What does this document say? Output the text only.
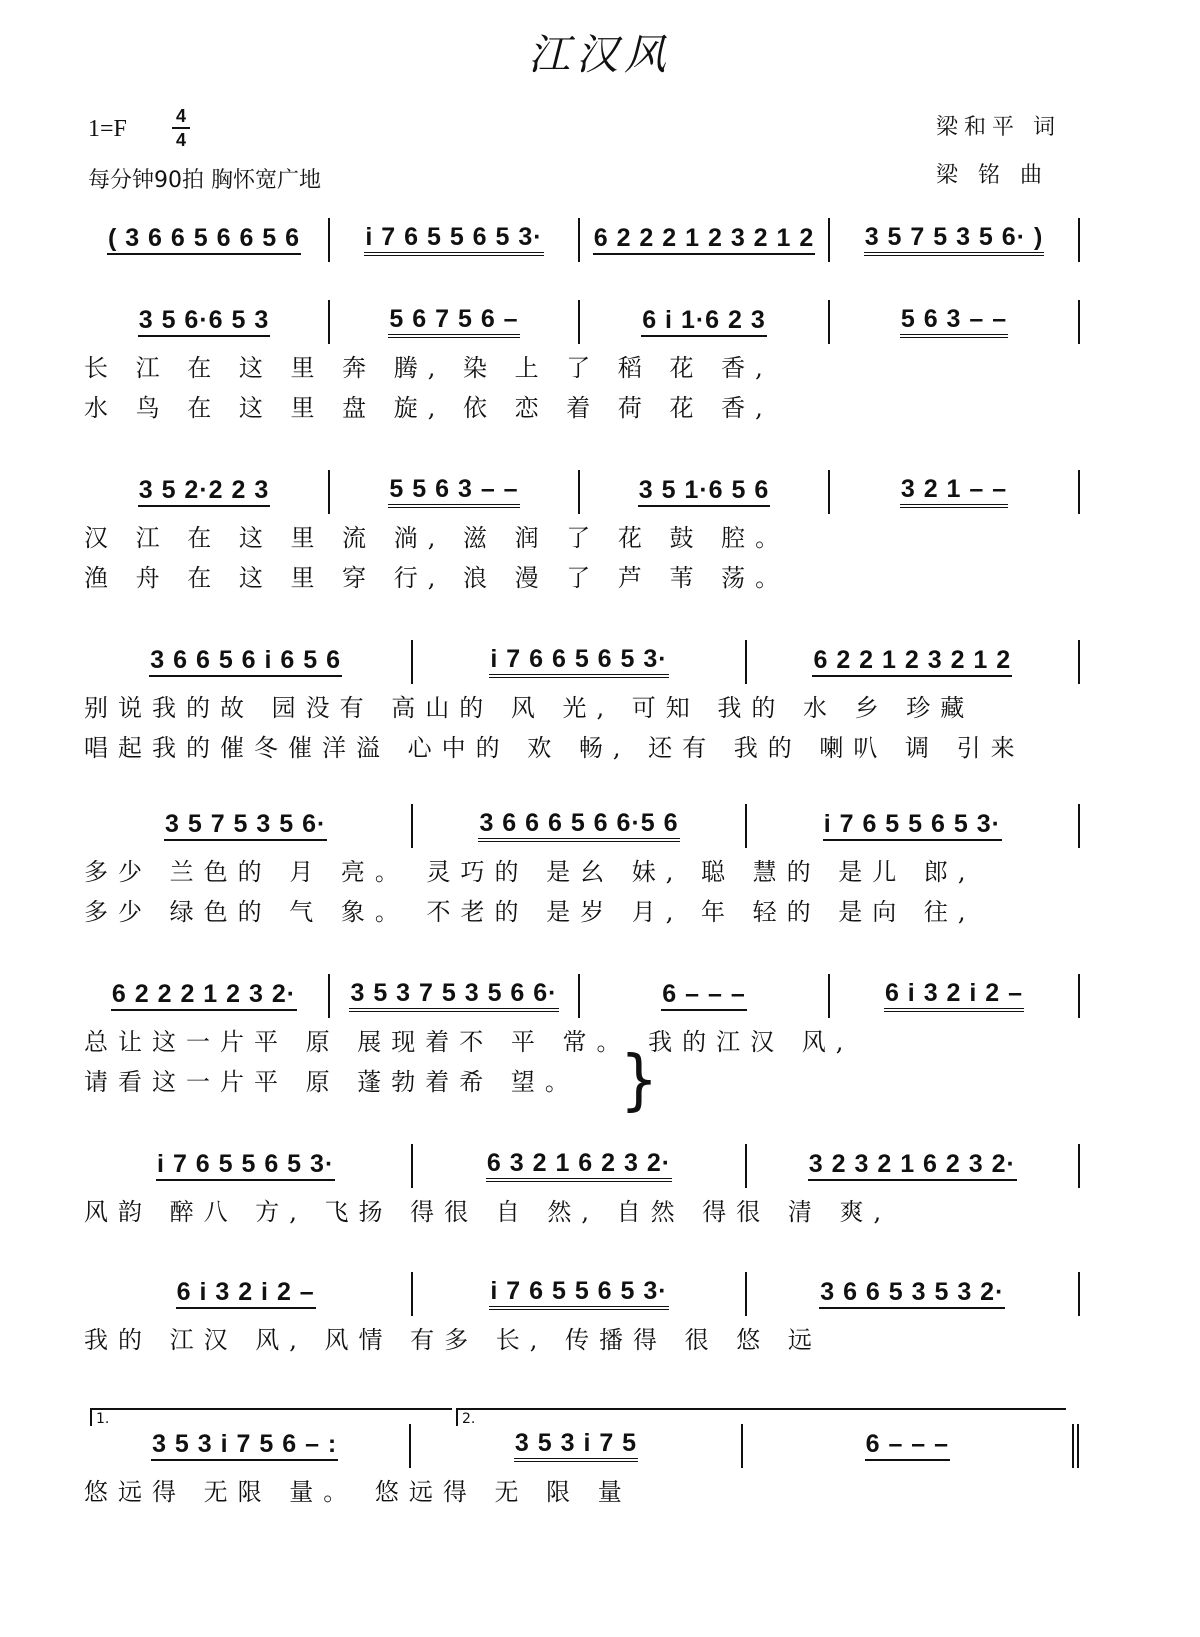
江汉风
1=F	4
4
每分钟90拍 胸怀宽广地
梁和平 词
梁铭曲
( 3 6 6 5 6 6 5 6	i 7 6 5 5 6 5 3· 6 2 2 2 1 2 3 2 1 2 3 5 7 5 3 5 6· )
3 5 6·6 5 3	5 6 7 5 6 –	6 i 1·6 2 3	5 6 3 – –
长 江 在 这 里 奔 腾, 染 上 了 稻 花 香,
水 鸟 在 这 里 盘 旋, 依 恋 着 荷 花 香,
3 5 2·2 2 3	5 5 6 3 – –	3 5 1·6 5 6	3 2 1 – –
汉 江 在 这 里 流 淌, 滋 润 了 花 鼓 腔。
渔 舟 在 这 里 穿 行, 浪 漫 了 芦 苇 荡。
3 6 6 5 6 i 6 5 6	i 7 6 6 5 6 5 3·	6 2 2 1 2 3 2 1 2
别说我的故 园没有 高山的 风 光, 可知 我的 水 乡 珍藏
唱起我的催冬催洋溢 心中的 欢 畅, 还有 我的 喇叭 调 引来
3 5 7 5 3 5 6·	3 6 6 6 5 6 6·5 6	i 7 6 5 5 6 5 3·
多少 兰色的 月 亮。 灵巧的 是幺 妹, 聪 慧的 是儿 郎,
多少 绿色的 气 象。 不老的 是岁 月, 年 轻的 是向 往,
6 2 2 2 1 2 3 2· 3 5 3 7 5 3 5 6 6·	6 – – –	6 i 3 2 i 2 –
总让这一片平 原 展现着不 平 常。 我的江汉 风,
请看这一片平 原 蓬勃着希 望。
i 7 6 5 5 6 5 3·	6 3 2 1 6 2 3 2·	3 2 3 2 1 6 2 3 2·
风韵 醉八 方, 飞扬 得很 自 然, 自然 得很 清 爽,
6 i 3 2 i 2 –	i 7 6 5 5 6 5 3·	3 6 6 5 3 5 3 2·
我的 江汉 风, 风情 有多 长, 传播得 很 悠 远
3 5 3 i 7 5 6 – :	3 5 3 i 7 5	6 – – –
悠远得 无限 量。 悠远得 无 限 量
1.	2.
}
